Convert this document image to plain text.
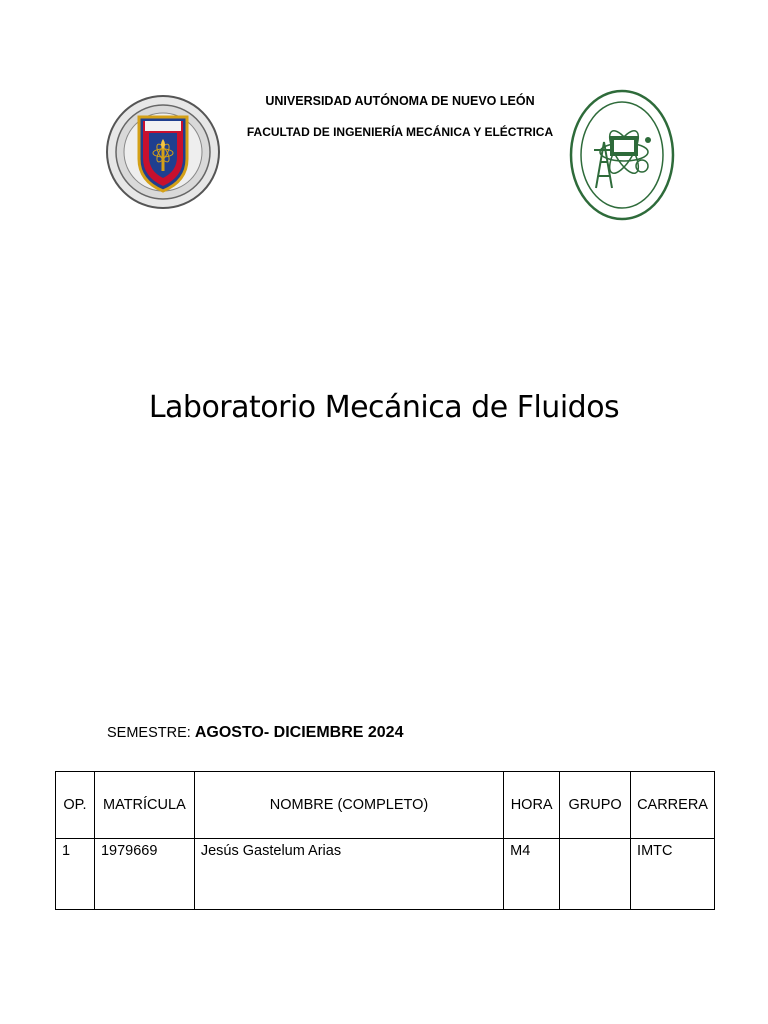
UNIVERSIDAD AUTÓNOMA DE NUEVO LEÓN
FACULTAD DE INGENIERÍA MECÁNICA Y ELÉCTRICA
Laboratorio Mecánica de Fluidos
SEMESTRE: AGOSTO- DICIEMBRE 2024
OP.	MATRÍCULA	NOMBRE (COMPLETO)	HORA	GRUPO	CARRERA
1	1979669	Jesús Gastelum Arias	M4		IMTC
